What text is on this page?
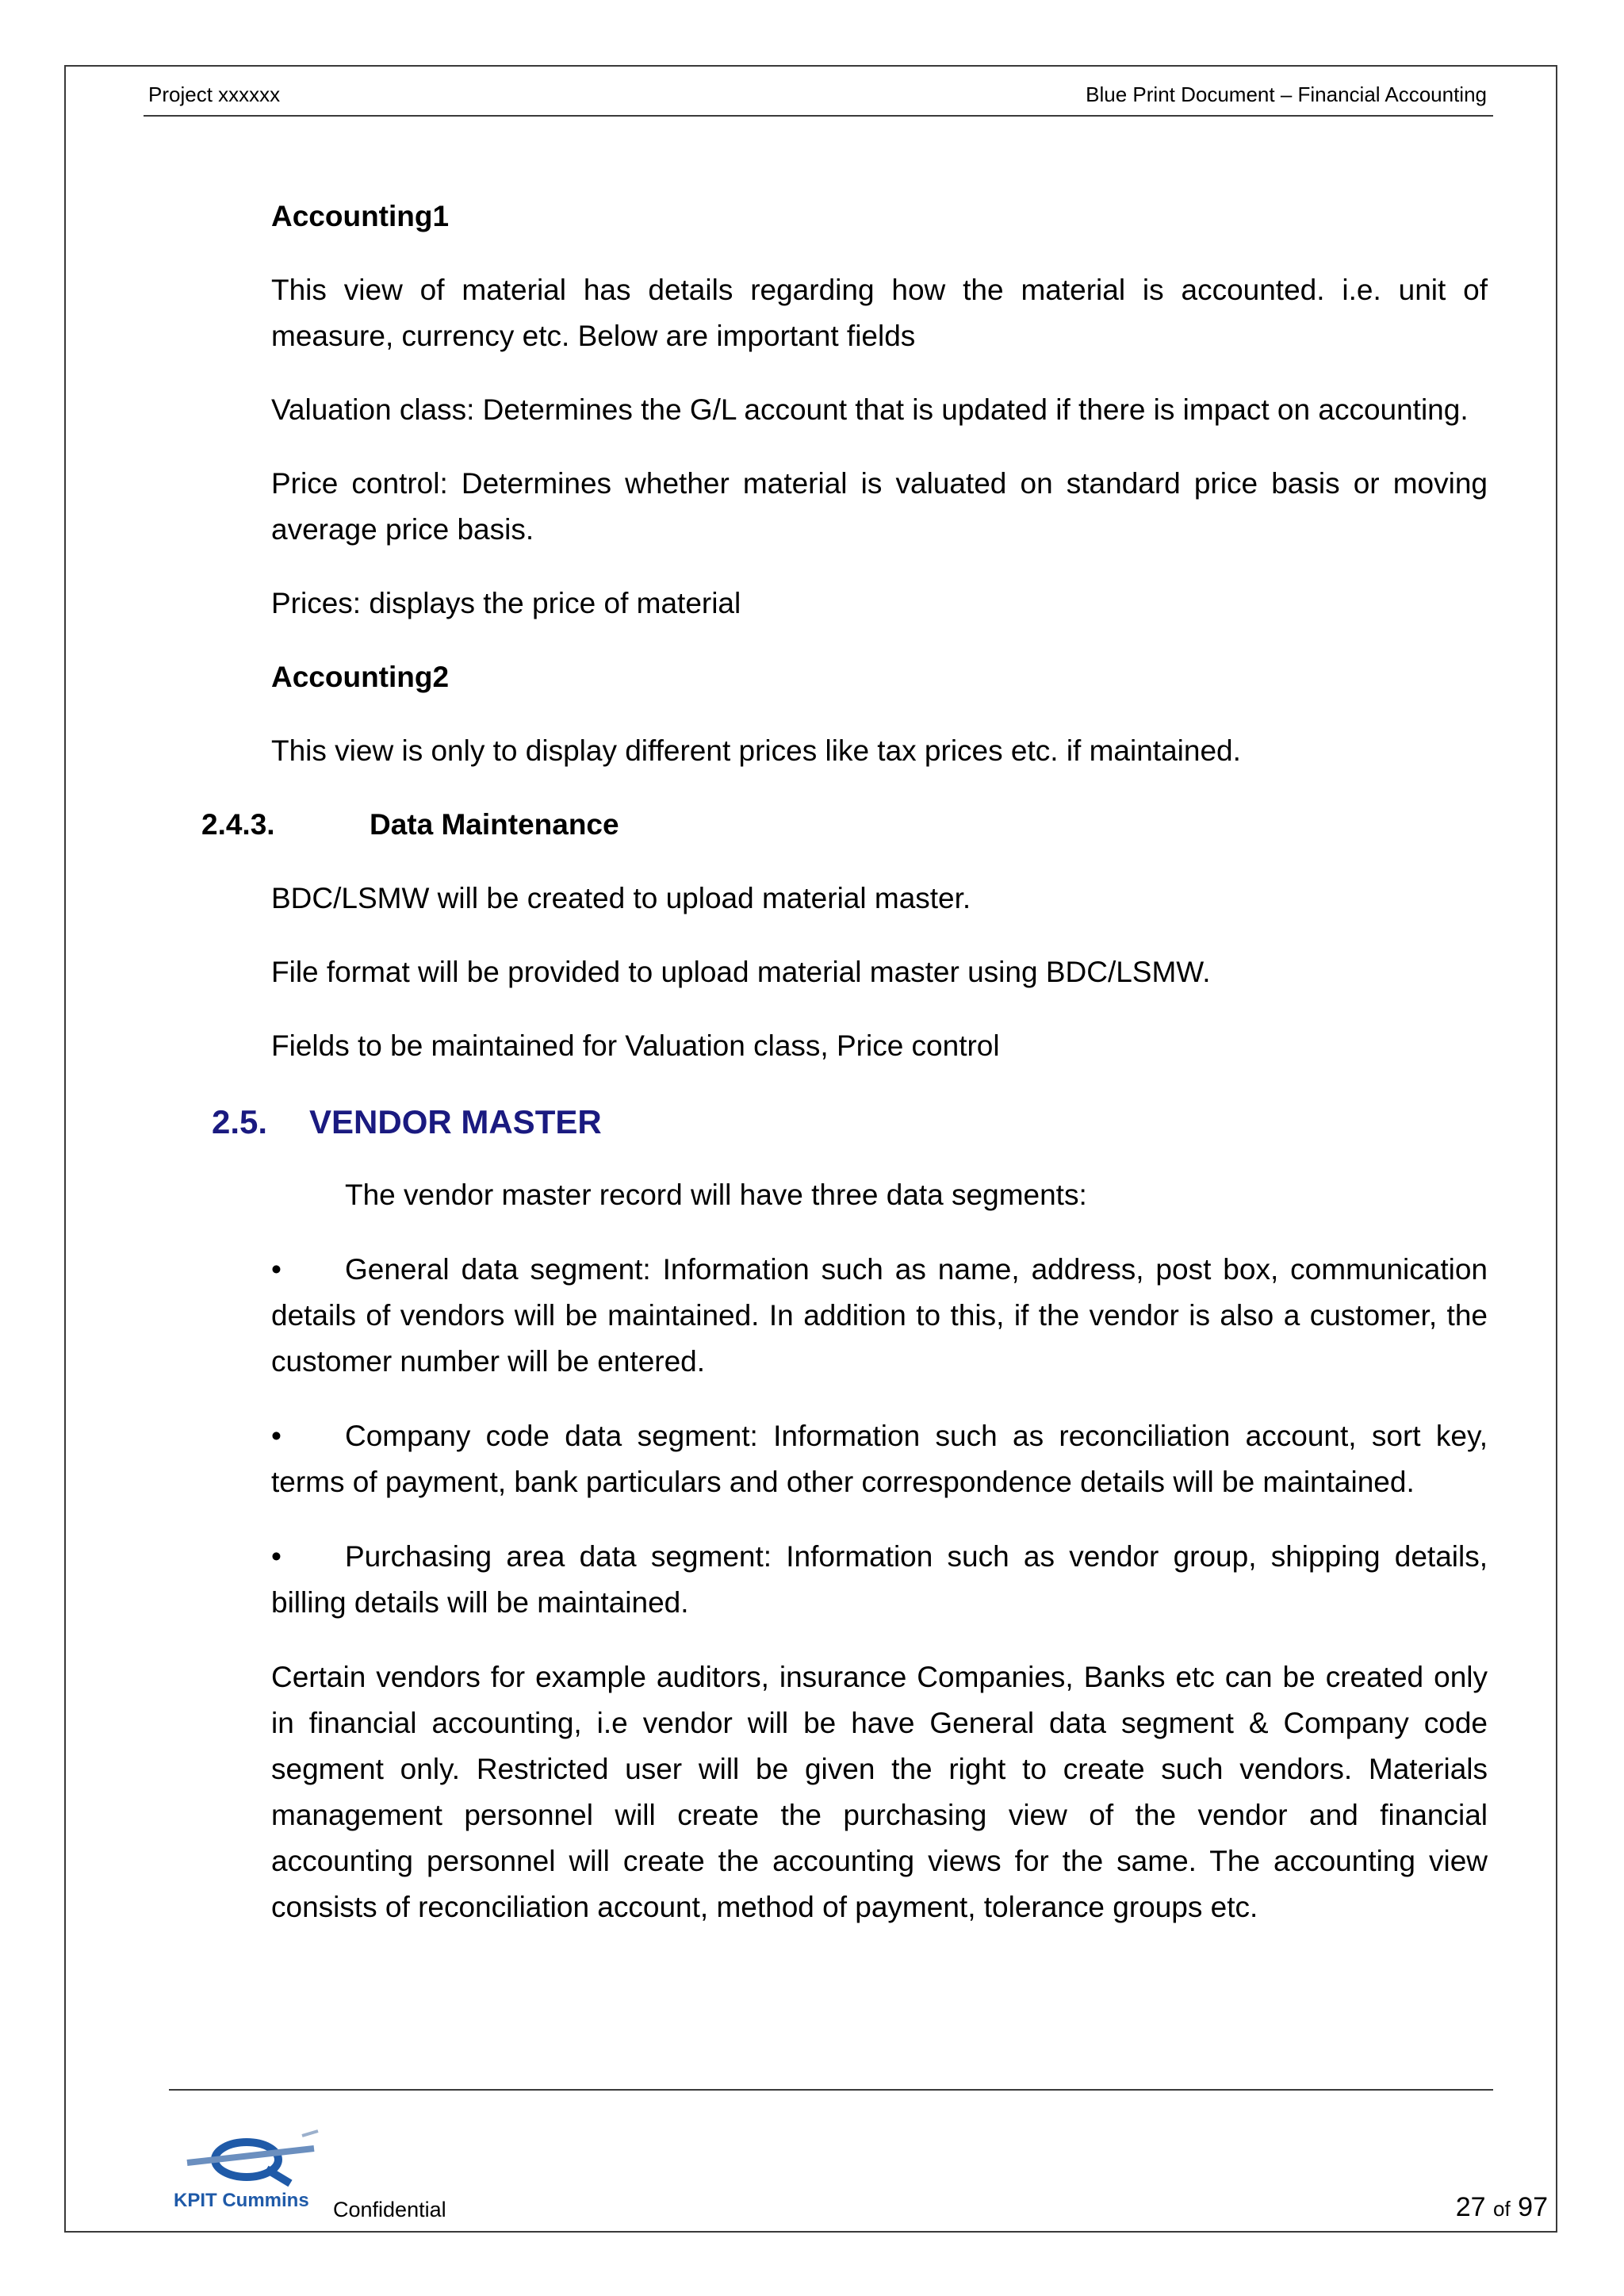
Project xxxxxx	Blue Print Document – Financial Accounting

Accounting1

This view of material has details regarding how the material is accounted. i.e. unit of measure, currency etc. Below are important fields

Valuation class: Determines the G/L account that is updated if there is impact on accounting.

Price control: Determines whether material is valuated on standard price basis or moving average price basis.

Prices: displays the price of material

Accounting2

This view is only to display different prices like tax prices etc. if maintained.

2.4.3.	Data Maintenance

BDC/LSMW will be created to upload material master.

File format will be provided to upload material master using BDC/LSMW.

Fields to be maintained for Valuation class, Price control

2.5. VENDOR MASTER

The vendor master record will have three data segments:

• General data segment: Information such as name, address, post box, communication details of vendors will be maintained. In addition to this, if the vendor is also a customer, the customer number will be entered.

• Company code data segment: Information such as reconciliation account, sort key, terms of payment, bank particulars and other correspondence details will be maintained.

• Purchasing area data segment: Information such as vendor group, shipping details, billing details will be maintained.

Certain vendors for example auditors, insurance Companies, Banks etc can be created only in financial accounting, i.e vendor will be have General data segment & Company code segment only. Restricted user will be given the right to create such vendors. Materials management personnel will create the purchasing view of the vendor and financial accounting personnel will create the accounting views for the same. The accounting view consists of reconciliation account, method of payment, tolerance groups etc.

KPIT Cummins Confidential	27 of 97
